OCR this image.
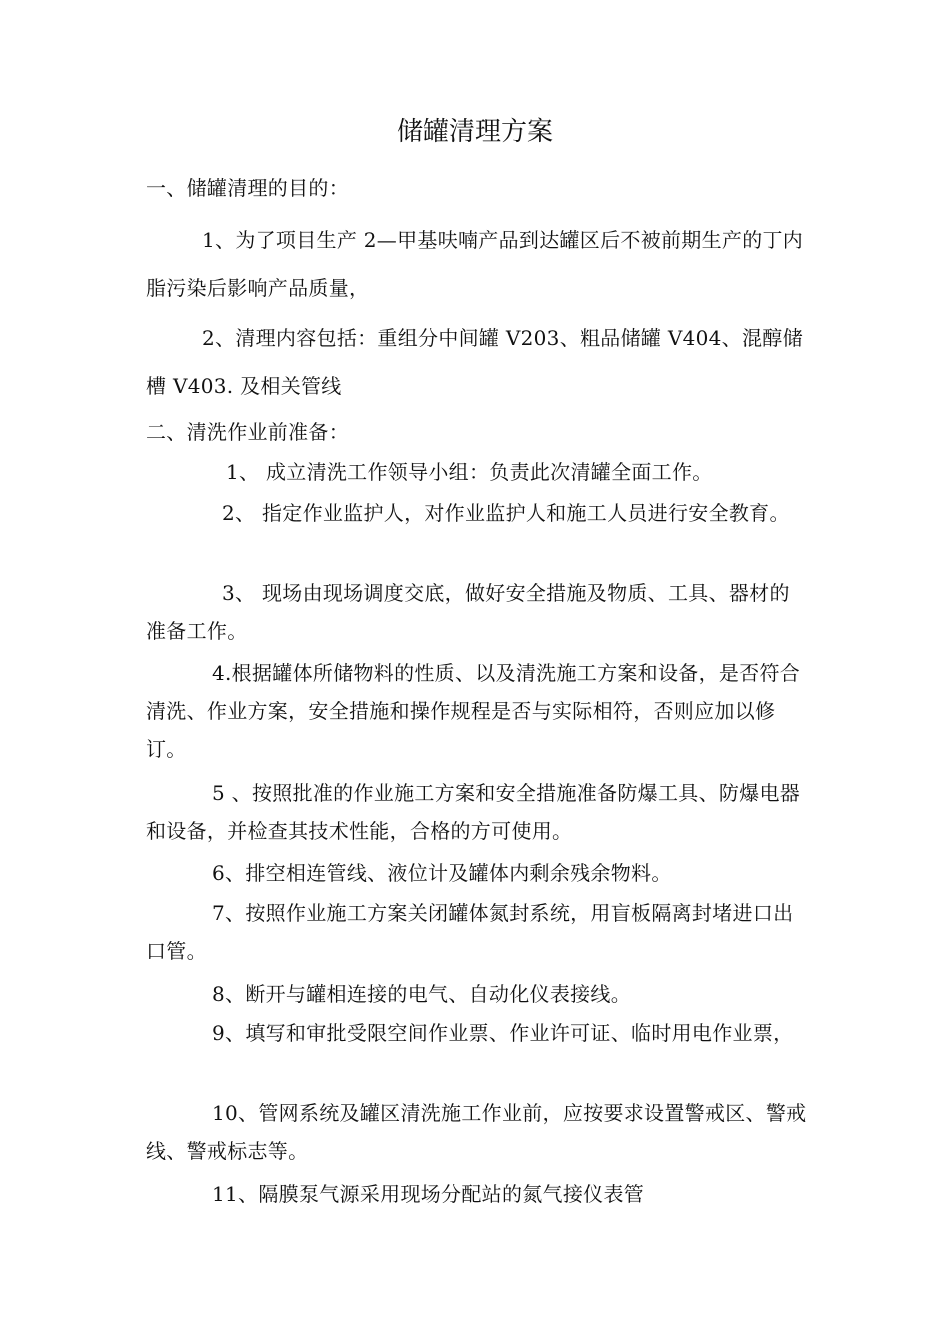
储罐清理方案

一、储罐清理的目的：

1、为了项目生产 2—甲基呋喃产品到达罐区后不被前期生产的丁内脂污染后影响产品质量，

2、清理内容包括：重组分中间罐 V203、粗品储罐 V404、混醇储槽 V403. 及相关管线

二、清洗作业前准备：

1、 成立清洗工作领导小组：负责此次清罐全面工作。

2、 指定作业监护人，对作业监护人和施工人员进行安全教育。

3、 现场由现场调度交底，做好安全措施及物质、工具、器材的准备工作。

4.根据罐体所储物料的性质、以及清洗施工方案和设备，是否符合清洗、作业方案，安全措施和操作规程是否与实际相符，否则应加以修订。

5 、按照批准的作业施工方案和安全措施准备防爆工具、防爆电器和设备，并检查其技术性能，合格的方可使用。

6、排空相连管线、液位计及罐体内剩余残余物料。

7、按照作业施工方案关闭罐体氮封系统，用盲板隔离封堵进口出口管。

8、断开与罐相连接的电气、自动化仪表接线。

9、填写和审批受限空间作业票、作业许可证、临时用电作业票，

10、管网系统及罐区清洗施工作业前，应按要求设置警戒区、警戒线、警戒标志等。

11、隔膜泵气源采用现场分配站的氮气接仪表管
